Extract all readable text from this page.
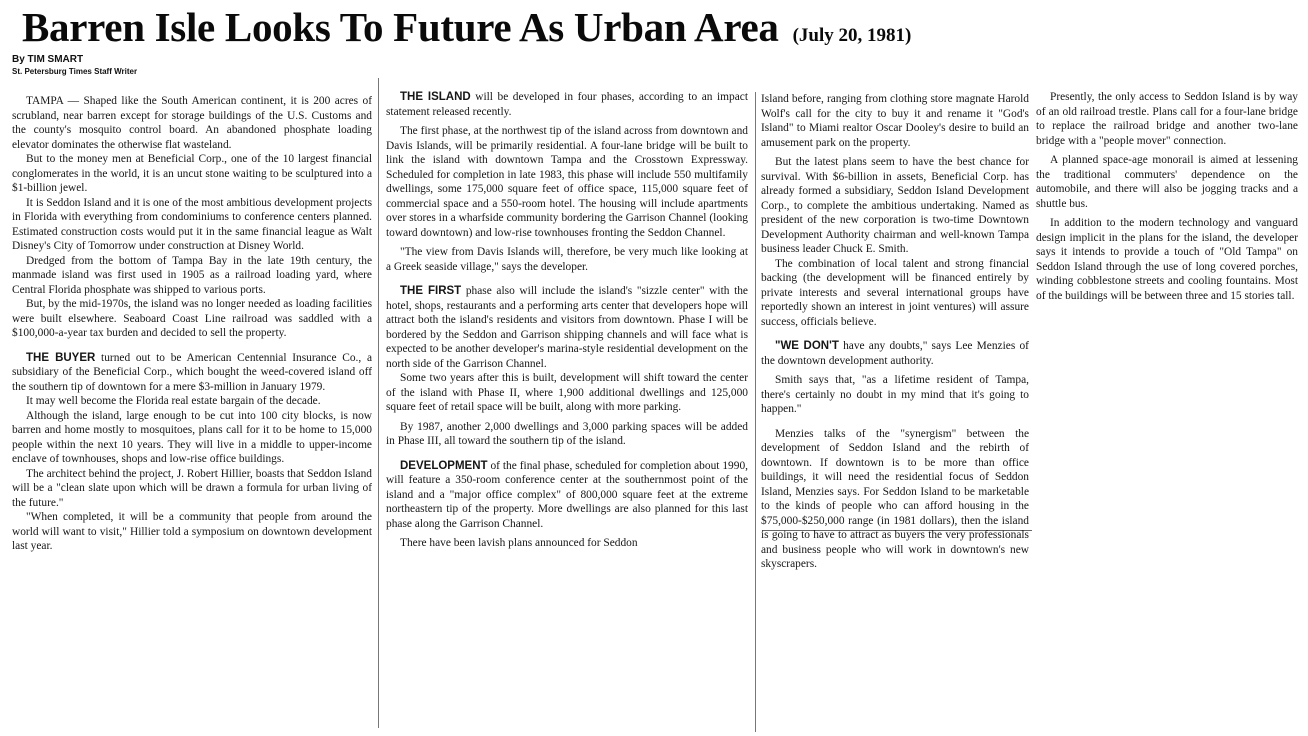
Barren Isle Looks To Future As Urban Area (July 20, 1981)
By TIM SMART
St. Petersburg Times Staff Writer

TAMPA — Shaped like the South American continent, it is 200 acres of scrubland, near barren except for storage buildings of the U.S. Customs and the county's mosquito control board. An abandoned phosphate loading elevator dominates the otherwise flat wasteland.

But to the money men at Beneficial Corp., one of the 10 largest financial conglomerates in the world, it is an uncut stone waiting to be sculptured into a $1-billion jewel.

It is Seddon Island and it is one of the most ambitious development projects in Florida with everything from condominiums to conference centers planned. Estimated construction costs would put it in the same financial league as Walt Disney's City of Tomorrow under construction at Disney World.

Dredged from the bottom of Tampa Bay in the late 19th century, the manmade island was first used in 1905 as a railroad loading yard, where Central Florida phosphate was shipped to various ports.

But, by the mid-1970s, the island was no longer needed as loading facilities were built elsewhere. Seaboard Coast Line railroad was saddled with a $100,000-a-year tax burden and decided to sell the property.

THE BUYER turned out to be American Centennial Insurance Co., a subsidiary of the Beneficial Corp., which bought the weed-covered island off the southern tip of downtown for a mere $3-million in January 1979.

It may well become the Florida real estate bargain of the decade.

Although the island, large enough to be cut into 100 city blocks, is now barren and home mostly to mosquitoes, plans call for it to be home to 15,000 people within the next 10 years. They will live in a middle to upper-income enclave of townhouses, shops and low-rise office buildings.

The architect behind the project, J. Robert Hillier, boasts that Seddon Island will be a "clean slate upon which will be drawn a formula for urban living of the future."

"When completed, it will be a community that people from around the world will want to visit," Hillier told a symposium on downtown development last year.

THE ISLAND will be developed in four phases, according to an impact statement released recently.

The first phase, at the northwest tip of the island across from downtown and Davis Islands, will be primarily residential. A four-lane bridge will be built to link the island with downtown Tampa and the Crosstown Expressway. Scheduled for completion in late 1983, this phase will include 550 multifamily dwellings, some 175,000 square feet of office space, 115,000 square feet of commercial space and a 550-room hotel. The housing will include apartments over stores in a wharfside community bordering the Garrison Channel (looking toward downtown) and low-rise townhouses fronting the Seddon Channel.

"The view from Davis Islands will, therefore, be very much like looking at a Greek seaside village," says the developer.

THE FIRST phase also will include the island's "sizzle center" with the hotel, shops, restaurants and a performing arts center that developers hope will attract both the island's residents and visitors from downtown. Phase I will be bordered by the Seddon and Garrison shipping channels and will face what is expected to be another developer's marina-style residential development on the north side of the Garrison Channel.

Some two years after this is built, development will shift toward the center of the island with Phase II, where 1,900 additional dwellings and 125,000 square feet of retail space will be built, along with more parking.

By 1987, another 2,000 dwellings and 3,000 parking spaces will be added in Phase III, all toward the southern tip of the island.

DEVELOPMENT of the final phase, scheduled for completion about 1990, will feature a 350-room conference center at the southernmost point of the island and a "major office complex" of 800,000 square feet at the extreme northeastern tip of the property. More dwellings are also planned for this last phase along the Garrison Channel.

There have been lavish plans announced for Seddon

Island before, ranging from clothing store magnate Harold Wolf's call for the city to buy it and rename it "God's Island" to Miami realtor Oscar Dooley's desire to build an amusement park on the property.

But the latest plans seem to have the best chance for survival. With $6-billion in assets, Beneficial Corp. has already formed a subsidiary, Seddon Island Development Corp., to complete the ambitious undertaking. Named as president of the new corporation is two-time Downtown Development Authority chairman and well-known Tampa business leader Chuck E. Smith.

The combination of local talent and strong financial backing (the development will be financed entirely by private interests and several international groups have reportedly shown an interest in joint ventures) will assure success, officials believe.

"WE DON'T have any doubts," says Lee Menzies of the downtown development authority.

Smith says that, "as a lifetime resident of Tampa, there's certainly no doubt in my mind that it's going to happen."

Menzies talks of the "synergism" between the development of Seddon Island and the rebirth of downtown. If downtown is to be more than office buildings, it will need the residential focus of Seddon Island, Menzies says. For Seddon Island to be marketable to the kinds of people who can afford housing in the $75,000-$250,000 range (in 1981 dollars), then the island is going to have to attract as buyers the very professionals and business people who will work in downtown's new skyscrapers.

Presently, the only access to Seddon Island is by way of an old railroad trestle. Plans call for a four-lane bridge to replace the railroad bridge and another two-lane bridge with a "people mover" connection.

A planned space-age monorail is aimed at lessening the traditional commuters' dependence on the automobile, and there will also be jogging tracks and a shuttle bus.

In addition to the modern technology and vanguard design implicit in the plans for the island, the developer says it intends to provide a touch of "Old Tampa" on Seddon Island through the use of long covered porches, winding cobblestone streets and cooling fountains. Most of the buildings will be between three and 15 stories tall.
